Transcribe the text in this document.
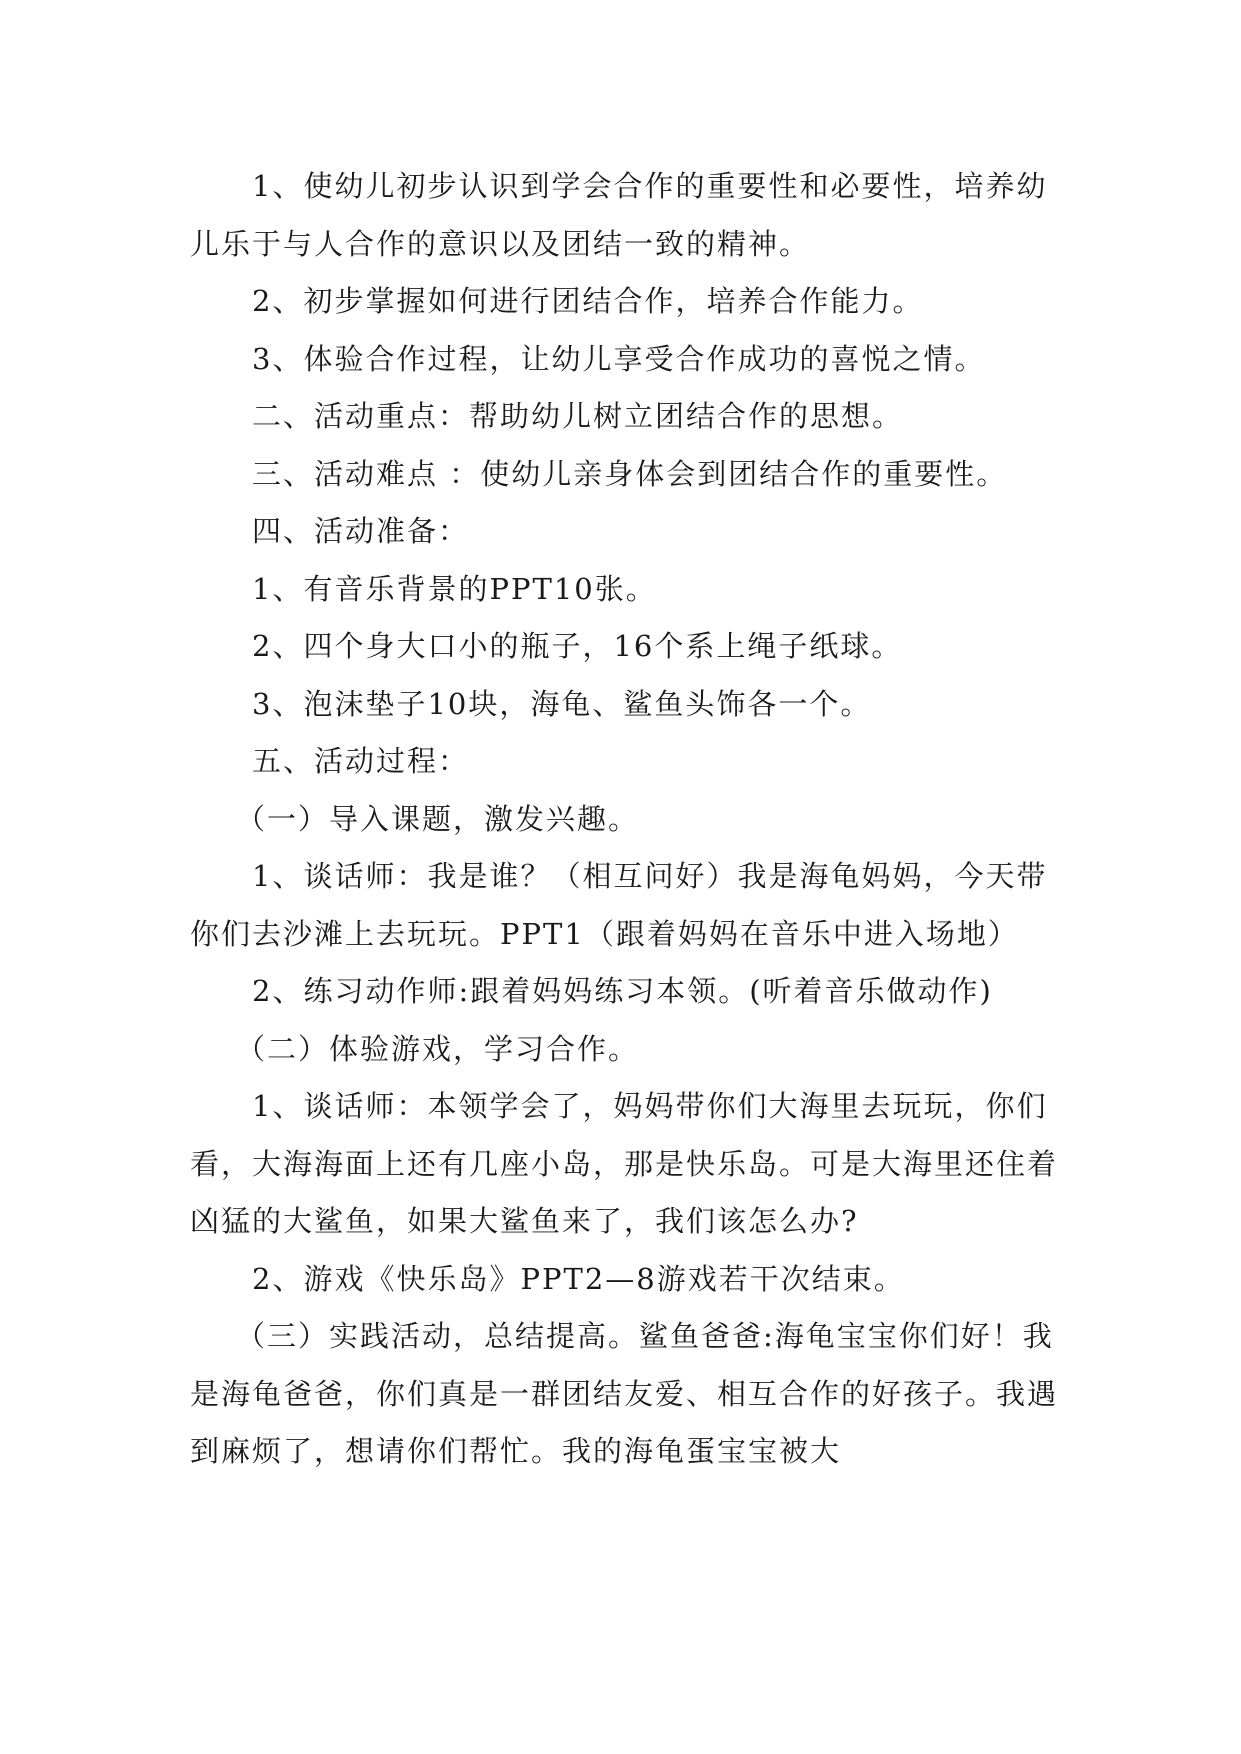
1、使幼儿初步认识到学会合作的重要性和必要性，培养幼儿乐于与人合作的意识以及团结一致的精神。

2、初步掌握如何进行团结合作，培养合作能力。

3、体验合作过程，让幼儿享受合作成功的喜悦之情。

二、活动重点：帮助幼儿树立团结合作的思想。

三、活动难点 ：使幼儿亲身体会到团结合作的重要性。

四、活动准备：

1、有音乐背景的PPT10张。

2、四个身大口小的瓶子，16个系上绳子纸球。

3、泡沫垫子10块，海龟、鲨鱼头饰各一个。

五、活动过程：

（一）导入课题，激发兴趣。

1、谈话师：我是谁？（相互问好）我是海龟妈妈，今天带你们去沙滩上去玩玩。PPT1（跟着妈妈在音乐中进入场地）

2、练习动作师:跟着妈妈练习本领。(听着音乐做动作)

（二）体验游戏，学习合作。

1、谈话师：本领学会了，妈妈带你们大海里去玩玩，你们看，大海海面上还有几座小岛，那是快乐岛。可是大海里还住着凶猛的大鲨鱼，如果大鲨鱼来了，我们该怎么办?

2、游戏《快乐岛》PPT2—8游戏若干次结束。

（三）实践活动，总结提高。鲨鱼爸爸:海龟宝宝你们好！我是海龟爸爸，你们真是一群团结友爱、相互合作的好孩子。我遇到麻烦了，想请你们帮忙。我的海龟蛋宝宝被大
